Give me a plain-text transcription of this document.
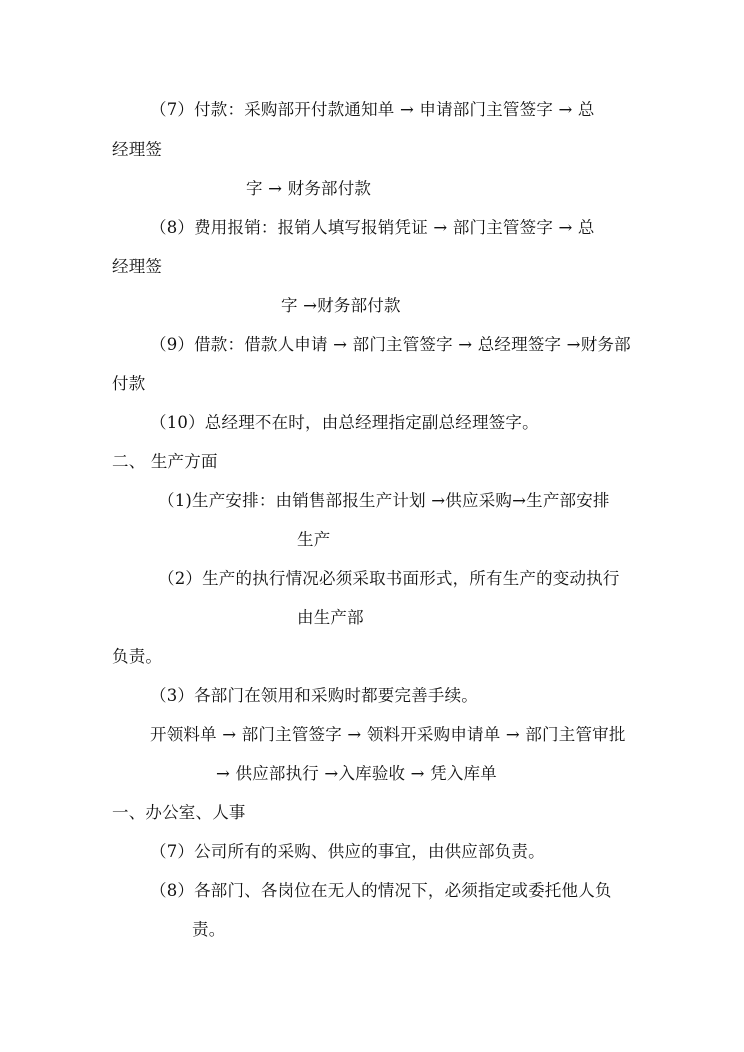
（7）付款：采购部开付款通知单 → 申请部门主管签字 → 总
经理签
字 → 财务部付款
（8）费用报销：报销人填写报销凭证 → 部门主管签字 → 总
经理签
字 →财务部付款
（9）借款：借款人申请 → 部门主管签字 → 总经理签字 →财务部
付款
（10）总经理不在时，由总经理指定副总经理签字。
二、 生产方面
（1)生产安排：由销售部报生产计划 →供应采购→生产部安排
生产
（2）生产的执行情况必须采取书面形式，所有生产的变动执行
由生产部
负责。
（3）各部门在领用和采购时都要完善手续。
开领料单 → 部门主管签字 → 领料开采购申请单 → 部门主管审批
→ 供应部执行 →入库验收 → 凭入库单
一、办公室、人事
（7）公司所有的采购、供应的事宜，由供应部负责。
（8）各部门、各岗位在无人的情况下，必须指定或委托他人负
责。
